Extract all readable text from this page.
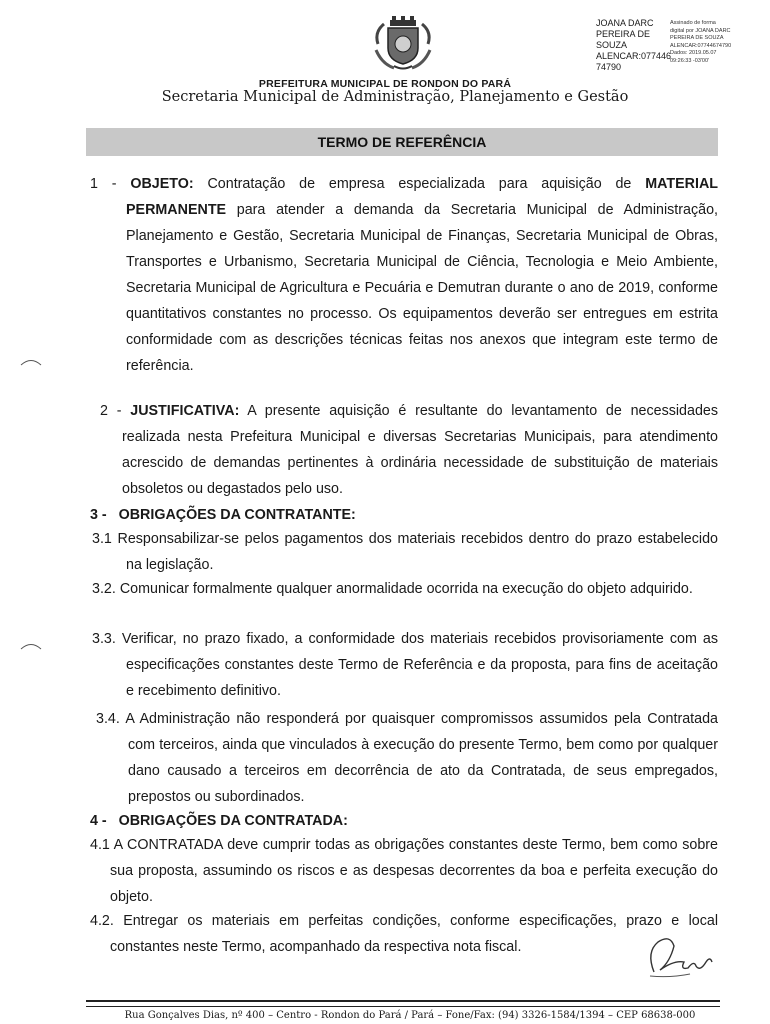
JOANA DARC
PEREIRA DE
SOUZA
ALENCAR:077446
74790
Assinado de forma
digital por JOANA DARC
PEREIRA DE SOUZA
ALENCAR:07744674790
Dados: 2019.05.07
09:26:33 -03'00'
PREFEITURA MUNICIPAL DE RONDON DO PARÁ
Secretaria Municipal de Administração, Planejamento e Gestão
TERMO DE REFERÊNCIA

1 - OBJETO: Contratação de empresa especializada para aquisição de MATERIAL PERMANENTE para atender a demanda da Secretaria Municipal de Administração, Planejamento e Gestão, Secretaria Municipal de Finanças, Secretaria Municipal de Obras, Transportes e Urbanismo, Secretaria Municipal de Ciência, Tecnologia e Meio Ambiente, Secretaria Municipal de Agricultura e Pecuária e Demutran durante o ano de 2019, conforme quantitativos constantes no processo. Os equipamentos deverão ser entregues em estrita conformidade com as descrições técnicas feitas nos anexos que integram este termo de referência.

2 - JUSTIFICATIVA: A presente aquisição é resultante do levantamento de necessidades realizada nesta Prefeitura Municipal e diversas Secretarias Municipais, para atendimento acrescido de demandas pertinentes à ordinária necessidade de substituição de materiais obsoletos ou degastados pelo uso.

3 -   OBRIGAÇÕES DA CONTRATANTE:

3.1 Responsabilizar-se pelos pagamentos dos materiais recebidos dentro do prazo estabelecido na legislação.

3.2. Comunicar formalmente qualquer anormalidade ocorrida na execução do objeto adquirido.

3.3. Verificar, no prazo fixado, a conformidade dos materiais recebidos provisoriamente com as especificações constantes deste Termo de Referência e da proposta, para fins de aceitação e recebimento definitivo.

3.4. A Administração não responderá por quaisquer compromissos assumidos pela Contratada com terceiros, ainda que vinculados à execução do presente Termo, bem como por qualquer dano causado a terceiros em decorrência de ato da Contratada, de seus empregados, prepostos ou subordinados.

4 -   OBRIGAÇÕES DA CONTRATADA:

4.1 A CONTRATADA deve cumprir todas as obrigações constantes deste Termo, bem como sobre sua proposta, assumindo os riscos e as despesas decorrentes da boa e perfeita execução do objeto.

4.2. Entregar os materiais em perfeitas condições, conforme especificações, prazo e local constantes neste Termo, acompanhado da respectiva nota fiscal.

Rua Gonçalves Dias, nº 400 – Centro - Rondon do Pará / Pará – Fone/Fax: (94) 3326-1584/1394 – CEP 68638-000
